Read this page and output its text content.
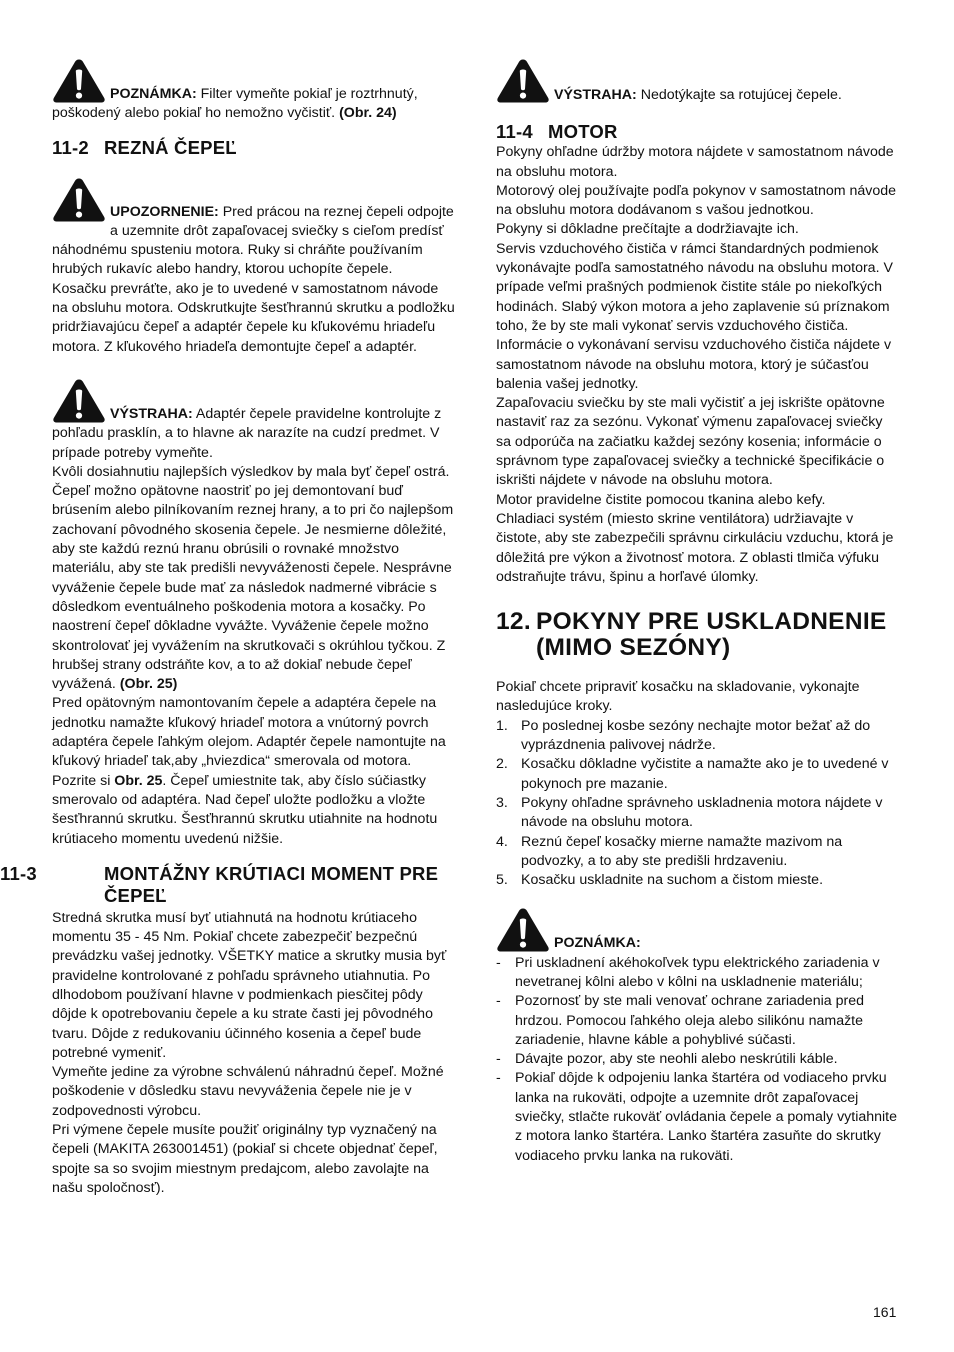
POZNÁMKA: Filter vymeňte pokiaľ je roztrhnutý, poškodený alebo pokiaľ ho nemožno vyčistiť. (Obr. 24)
11-2 REZNÁ ČEPEĽ
UPOZORNENIE: Pred prácou na reznej čepeli odpojte a uzemnite drôt zapaľovacej sviečky s cieľom predísť náhodnému spusteniu motora. Ruky si chráňte používaním hrubých rukavíc alebo handry, ktorou uchopíte čepele.

Kosačku prevráťte, ako je to uvedené v samostatnom návode na obsluhu motora. Odskrutkujte šesťhrannú skrutku a podložku pridržiavajúcu čepeľ a adaptér čepele ku kľukovému hriadeľu motora. Z kľukového hriadeľa demontujte čepeľ a adaptér.

VÝSTRAHA: Adaptér čepele pravidelne kontrolujte z pohľadu prasklín, a to hlavne ak narazíte na cudzí predmet. V prípade potreby vymeňte.

Kvôli dosiahnutiu najlepších výsledkov by mala byť čepeľ ostrá. Čepeľ možno opätovne naostriť po jej demontovaní buď brúsením alebo pilníkovaním reznej hrany, a to pri čo najlepšom zachovaní pôvodného skosenia čepele. Je nesmierne dôležité, aby ste každú reznú hranu obrúsili o rovnaké množstvo materiálu, aby ste tak predišli nevyváženosti čepele. Nesprávne vyváženie čepele bude mať za následok nadmerné vibrácie s dôsledkom eventuálneho poškodenia motora a kosačky. Po naostrení čepeľ dôkladne vyvážte. Vyváženie čepele možno skontrolovať jej vyvážením na skrutkovači s okrúhlou tyčkou. Z hrubšej strany odstráňte kov, a to až dokiaľ nebude čepeľ vyvážená. (Obr. 25)

Pred opätovným namontovaním čepele a adaptéra čepele na jednotku namažte kľukový hriadeľ motora a vnútorný povrch adaptéra čepele ľahkým olejom. Adaptér čepele namontujte na kľukový hriadeľ tak,aby „hviezdica“ smerovala od motora. Pozrite si Obr. 25. Čepeľ umiestnite tak, aby číslo súčiastky smerovalo od adaptéra. Nad čepeľ uložte podložku a vložte šesťhrannú skrutku. Šesťhrannú skrutku utiahnite na hodnotu krútiaceho momentu uvedenú nižšie.

11-3	MONTÁŽNY KRÚTIACI MOMENT PRE ČEPEĽ

Stredná skrutka musí byť utiahnutá na hodnotu krútiaceho momentu 35 - 45 Nm. Pokiaľ chcete zabezpečiť bezpečnú prevádzku vašej jednotky. VŠETKY matice a skrutky musia byť pravidelne kontrolované z pohľadu správneho utiahnutia. Po dlhodobom používaní hlavne v podmienkach piesčitej pôdy dôjde k opotrebovaniu čepele a ku strate časti jej pôvodného tvaru. Dôjde z redukovaniu účinného kosenia a čepeľ bude potrebné vymeniť.

Vymeňte jedine za výrobne schválenú náhradnú čepeľ. Možné poškodenie v dôsledku stavu nevyváženia čepele nie je v zodpovednosti výrobcu.

Pri výmene čepele musíte použiť originálny typ vyznačený na čepeli (MAKITA 263001451) (pokiaľ si chcete objednať čepeľ, spojte sa so svojim miestnym predajcom, alebo zavolajte na našu spoločnosť).

VÝSTRAHA: Nedotýkajte sa rotujúcej čepele.
11-4 MOTOR

Pokyny ohľadne údržby motora nájdete v samostatnom návode na obsluhu motora.

Motorový olej používajte podľa pokynov v samostatnom návode na obsluhu motora dodávanom s vašou jednotkou.

Pokyny si dôkladne prečítajte a dodržiavajte ich.

Servis vzduchového čističa v rámci štandardných podmienok vykonávajte podľa samostatného návodu na obsluhu motora. V prípade veľmi prašných podmienok čistite stále po niekoľkých hodinách. Slabý výkon motora a jeho zaplavenie sú príznakom toho, že by ste mali vykonať servis vzduchového čističa.

Informácie o vykonávaní servisu vzduchového čističa nájdete v samostatnom návode na obsluhu motora, ktorý je súčasťou balenia vašej jednotky.

Zapaľovaciu sviečku by ste mali vyčistiť a jej iskrište opätovne nastaviť raz za sezónu. Vykonať výmenu zapaľovacej sviečky sa odporúča na začiatku každej sezóny kosenia; informácie o správnom type zapaľovacej sviečky a technické špecifikácie o iskrišti nájdete v návode na obsluhu motora.

Motor pravidelne čistite pomocou tkanina alebo kefy.

Chladiaci systém (miesto skrine ventilátora) udržiavajte v čistote, aby ste zabezpečili správnu cirkuláciu vzduchu, ktorá je dôležitá pre výkon a životnosť motora. Z oblasti tlmiča výfuku odstraňujte trávu, špinu a horľavé úlomky.

12. POKYNY PRE USKLADNENIE (MIMO SEZÓNY)

Pokiaľ chcete pripraviť kosačku na skladovanie, vykonajte nasledujúce kroky.

1. Po poslednej kosbe sezóny nechajte motor bežať až do vyprázdnenia palivovej nádrže.
2. Kosačku dôkladne vyčistite a namažte ako je to uvedené v pokynoch pre mazanie.
3. Pokyny ohľadne správneho uskladnenia motora nájdete v návode na obsluhu motora.
4. Reznú čepeľ kosačky mierne namažte mazivom na podvozky, a to aby ste predišli hrdzaveniu.
5. Kosačku uskladnite na suchom a čistom mieste.
POZNÁMKA:
- Pri uskladnení akéhokoľvek typu elektrického zariadenia v nevetranej kôlni alebo v kôlni na uskladnenie materiálu;
- Pozornosť by ste mali venovať ochrane zariadenia pred hrdzou. Pomocou ľahkého oleja alebo silikónu namažte zariadenie, hlavne káble a pohyblivé súčasti.
- Dávajte pozor, aby ste neohli alebo neskrútili káble.
- Pokiaľ dôjde k odpojeniu lanka štartéra od vodiaceho prvku lanka na rukoväti, odpojte a uzemnite drôt zapaľovacej sviečky, stlačte rukoväť ovládania čepele a pomaly vytiahnite z motora lanko štartéra. Lanko štartéra zasuňte do skrutky vodiaceho prvku lanka na rukoväti.
161
